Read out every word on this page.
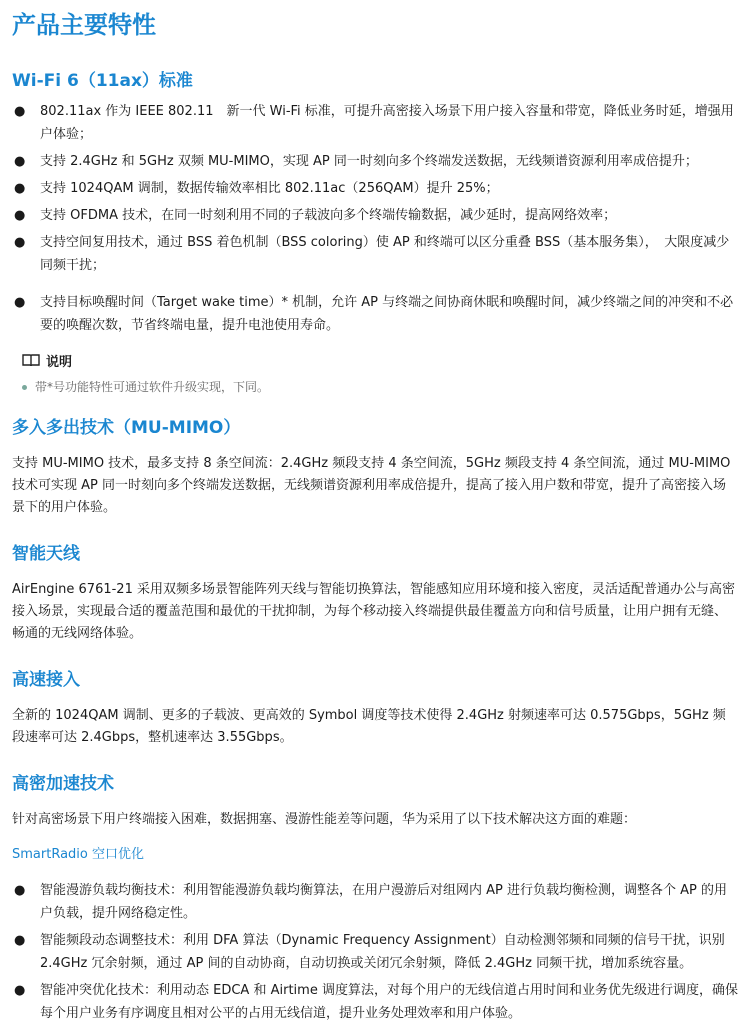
产品主要特性
Wi-Fi 6（11ax）标准

● 802.11ax 作为 IEEE 802.11　新一代 Wi-Fi 标准，可提升高密接入场景下用户接入容量和带宽，降低业务时延，增强用户体验；

● 支持 2.4GHz 和 5GHz 双频 MU-MIMO，实现 AP 同一时刻向多个终端发送数据，无线频谱资源利用率成倍提升；

● 支持 1024QAM 调制，数据传输效率相比 802.11ac（256QAM）提升 25%；

● 支持 OFDMA 技术，在同一时刻利用不同的子载波向多个终端传输数据，减少延时，提高网络效率；

● 支持空间复用技术，通过 BSS 着色机制（BSS coloring）使 AP 和终端可以区分重叠 BSS（基本服务集），　大限度减少同频干扰；

● 支持目标唤醒时间（Target wake time）* 机制，允许 AP 与终端之间协商休眠和唤醒时间，减少终端之间的冲突和不必要的唤醒次数，节省终端电量，提升电池使用寿命。

说明
带*号功能特性可通过软件升级实现，下同。
多入多出技术（MU-MIMO）

支持 MU-MIMO 技术，最多支持 8 条空间流：2.4GHz 频段支持 4 条空间流，5GHz 频段支持 4 条空间流，通过 MU-MIMO 技术可实现 AP 同一时刻向多个终端发送数据，无线频谱资源利用率成倍提升，提高了接入用户数和带宽，提升了高密接入场景下的用户体验。

智能天线

AirEngine 6761-21 采用双频多场景智能阵列天线与智能切换算法，智能感知应用环境和接入密度，灵活适配普通办公与高密接入场景，实现最合适的覆盖范围和最优的干扰抑制，为每个移动接入终端提供最佳覆盖方向和信号质量，让用户拥有无缝、畅通的无线网络体验。

高速接入

全新的 1024QAM 调制、更多的子载波、更高效的 Symbol 调度等技术使得 2.4GHz 射频速率可达 0.575Gbps，5GHz 频段速率可达 2.4Gbps，整机速率达 3.55Gbps。

高密加速技术

针对高密场景下用户终端接入困难，数据拥塞、漫游性能差等问题，华为采用了以下技术解决这方面的难题：

SmartRadio 空口优化

● 智能漫游负载均衡技术：利用智能漫游负载均衡算法，在用户漫游后对组网内 AP 进行负载均衡检测，调整各个 AP 的用户负载，提升网络稳定性。

● 智能频段动态调整技术：利用 DFA 算法（Dynamic Frequency Assignment）自动检测邻频和同频的信号干扰，识别 2.4GHz 冗余射频，通过 AP 间的自动协商，自动切换或关闭冗余射频，降低 2.4GHz 同频干扰，增加系统容量。

● 智能冲突优化技术：利用动态 EDCA 和 Airtime 调度算法，对每个用户的无线信道占用时间和业务优先级进行调度，确保每个用户业务有序调度且相对公平的占用无线信道，提升业务处理效率和用户体验。
